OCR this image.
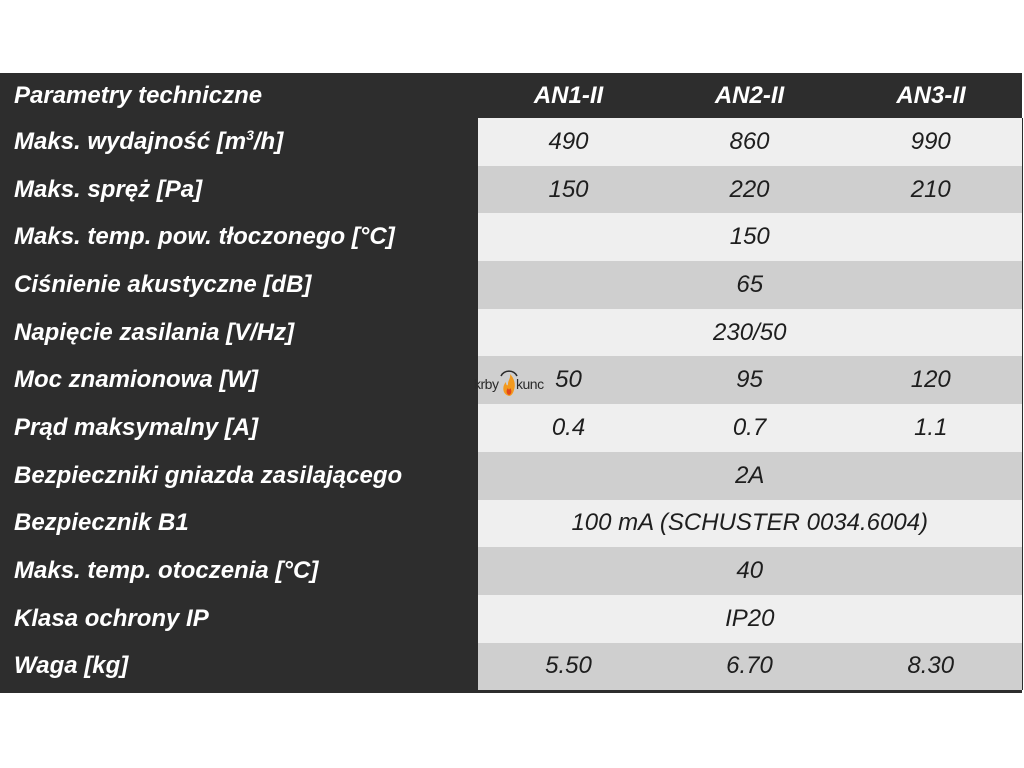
Parametry techniczne	AN1-II	AN2-II	AN3-II
Maks. wydajność $[m^3/h]$	490	860	990
Maks. spręż [Pa]	150	220	210
Maks. temp. pow. tłoczonego [°C]	150		
Ciśnienie akustyczne [dB]	65		
Napięcie zasilania [V/Hz]	230/50		
Moc znamionowa [W]	50	95	120
Prąd maksymalny [A]	0.4	0.7	1.1
Bezpieczniki gniazda zasilającego	2A		
Bezpiecznik B1	100 mA (SCHUSTER 0034.6004)		
Maks. temp. otoczenia [°C]	40		
Klasa ochrony IP	IP20		
Waga [kg]	5.50	6.70	8.30
krby kunc
